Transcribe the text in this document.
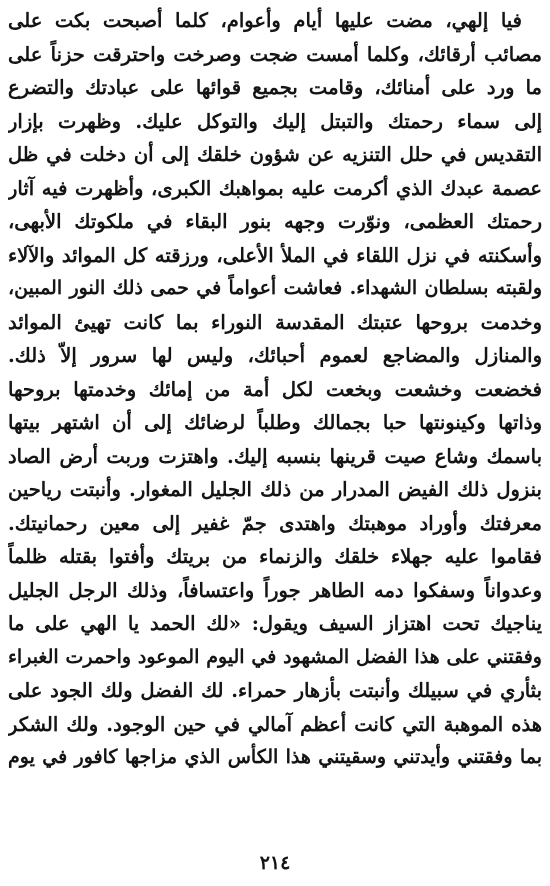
فيا إلهي، مضت عليها أيام وأعوام، كلما أصبحت بكت على
مصائب أرقائك، وكلما أمست ضجت وصرخت واحترقت حزناً على
ما ورد على أمنائك، وقامت بجميع قوائها على عبادتك والتضرع
إلى سماء رحمتك والتبتل إليك والتوكل عليك. وظهرت بإزار
التقديس في حلل التنزيه عن شؤون خلقك إلى أن دخلت في ظل
عصمة عبدك الذي أكرمت عليه بمواهبك الكبرى، وأظهرت فيه آثار
رحمتك العظمى، ونوّرت وجهه بنور البقاء في ملكوتك الأبهى،
وأسكنته في نزل اللقاء في الملأ الأعلى، ورزقته كل الموائد والآلاء
ولقبته بسلطان الشهداء. فعاشت أعواماً في حمى ذلك النور المبين،
وخدمت بروحها عتبتك المقدسة النوراء بما كانت تهيئ الموائد
والمنازل والمضاجع لعموم أحبائك، وليس لها سرور إلاّ ذلك.
فخضعت وخشعت وبخعت لكل أمة من إمائك وخدمتها بروحها
وذاتها وكينونتها حبا بجمالك وطلباً لرضائك إلى أن اشتهر بيتها
باسمك وشاع صيت قرينها بنسبه إليك. واهتزت وربت أرض الصاد
بنزول ذلك الفيض المدرار من ذلك الجليل المغوار. وأنبتت رياحين
معرفتك وأوراد موهبتك واهتدى جمّ غفير إلى معين رحمانيتك.
فقاموا عليه جهلاء خلقك والزنماء من بريتك وأفتوا بقتله ظلماً
وعدواناً وسفكوا دمه الطاهر جوراً واعتسافاً، وذلك الرجل الجليل
يناجيك تحت اهتزاز السيف ويقول: «لك الحمد يا الهي على ما
وفقتني على هذا الفضل المشهود في اليوم الموعود واحمرت الغبراء
بثأري في سبيلك وأنبتت بأزهار حمراء. لك الفضل ولك الجود على
هذه الموهبة التي كانت أعظم آمالي في حين الوجود. ولك الشكر
بما وفقتني وأيدتني وسقيتني هذا الكأس الذي مزاجها كافور في يوم
٢١٤
